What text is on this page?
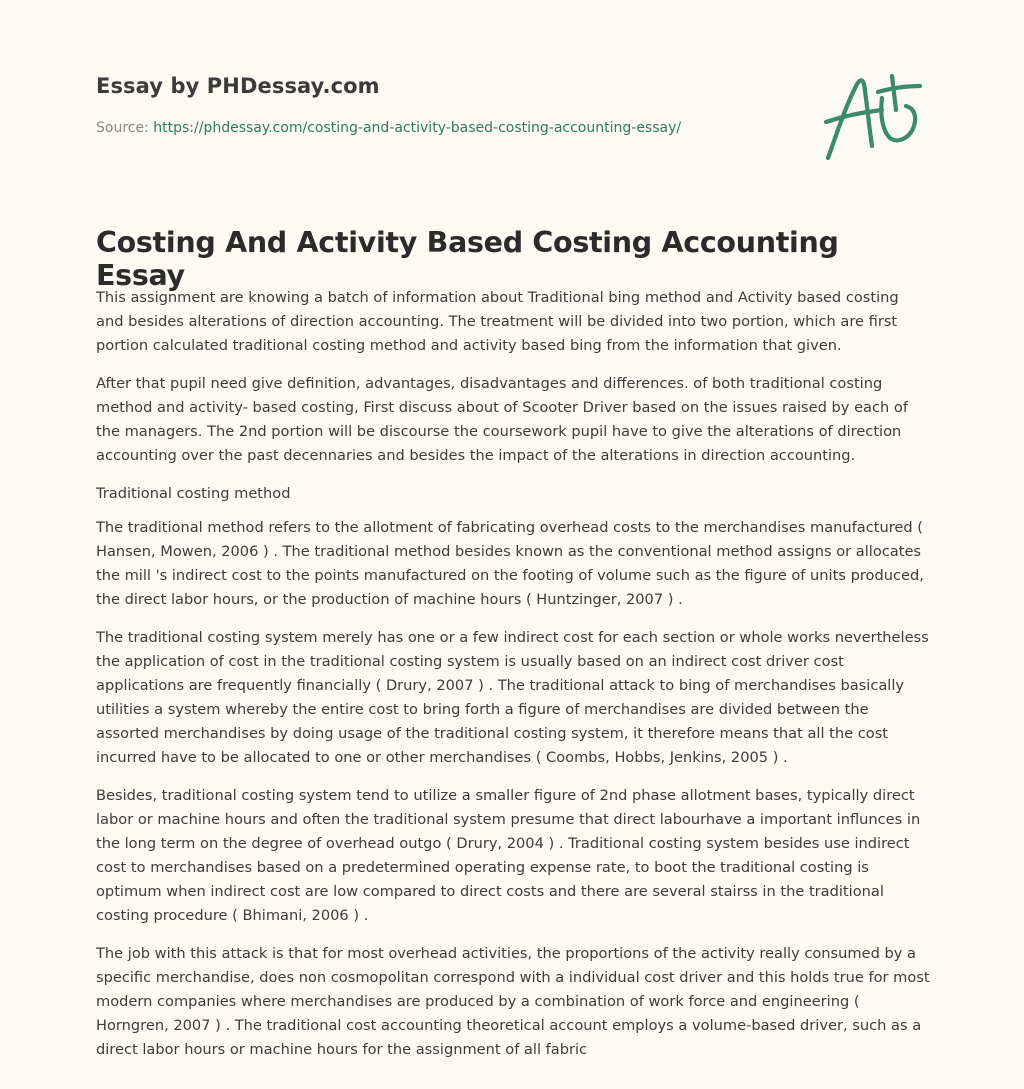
Essay by PHDessay.com
Source: https://phdessay.com/costing-and-activity-based-costing-accounting-essay/
Costing And Activity Based Costing Accounting Essay

This assignment are knowing a batch of information about Traditional bing method and Activity based costing and besides alterations of direction accounting. The treatment will be divided into two portion, which are first portion calculated traditional costing method and activity based bing from the information that given.

After that pupil need give definition, advantages, disadvantages and differences. of both traditional costing method and activity- based costing, First discuss about of Scooter Driver based on the issues raised by each of the managers. The 2nd portion will be discourse the coursework pupil have to give the alterations of direction accounting over the past decennaries and besides the impact of the alterations in direction accounting.

Traditional costing method

The traditional method refers to the allotment of fabricating overhead costs to the merchandises manufactured ( Hansen, Mowen, 2006 ) . The traditional method besides known as the conventional method assigns or allocates the mill 's indirect cost to the points manufactured on the footing of volume such as the figure of units produced, the direct labor hours, or the production of machine hours ( Huntzinger, 2007 ) .

The traditional costing system merely has one or a few indirect cost for each section or whole works nevertheless the application of cost in the traditional costing system is usually based on an indirect cost driver cost applications are frequently financially ( Drury, 2007 ) . The traditional attack to bing of merchandises basically utilities a system whereby the entire cost to bring forth a figure of merchandises are divided between the assorted merchandises by doing usage of the traditional costing system, it therefore means that all the cost incurred have to be allocated to one or other merchandises ( Coombs, Hobbs, Jenkins, 2005 ) .

Besides, traditional costing system tend to utilize a smaller figure of 2nd phase allotment bases, typically direct labor or machine hours and often the traditional system presume that direct labourhave a important influnces in the long term on the degree of overhead outgo ( Drury, 2004 ) . Traditional costing system besides use indirect cost to merchandises based on a predetermined operating expense rate, to boot the traditional costing is optimum when indirect cost are low compared to direct costs and there are several stairss in the traditional costing procedure ( Bhimani, 2006 ) .

The job with this attack is that for most overhead activities, the proportions of the activity really consumed by a specific merchandise, does non cosmopolitan correspond with a individual cost driver and this holds true for most modern companies where merchandises are produced by a combination of work force and engineering ( Horngren, 2007 ) . The traditional cost accounting theoretical account employs a volume-based driver, such as a direct labor hours or machine hours for the assignment of all fabric
